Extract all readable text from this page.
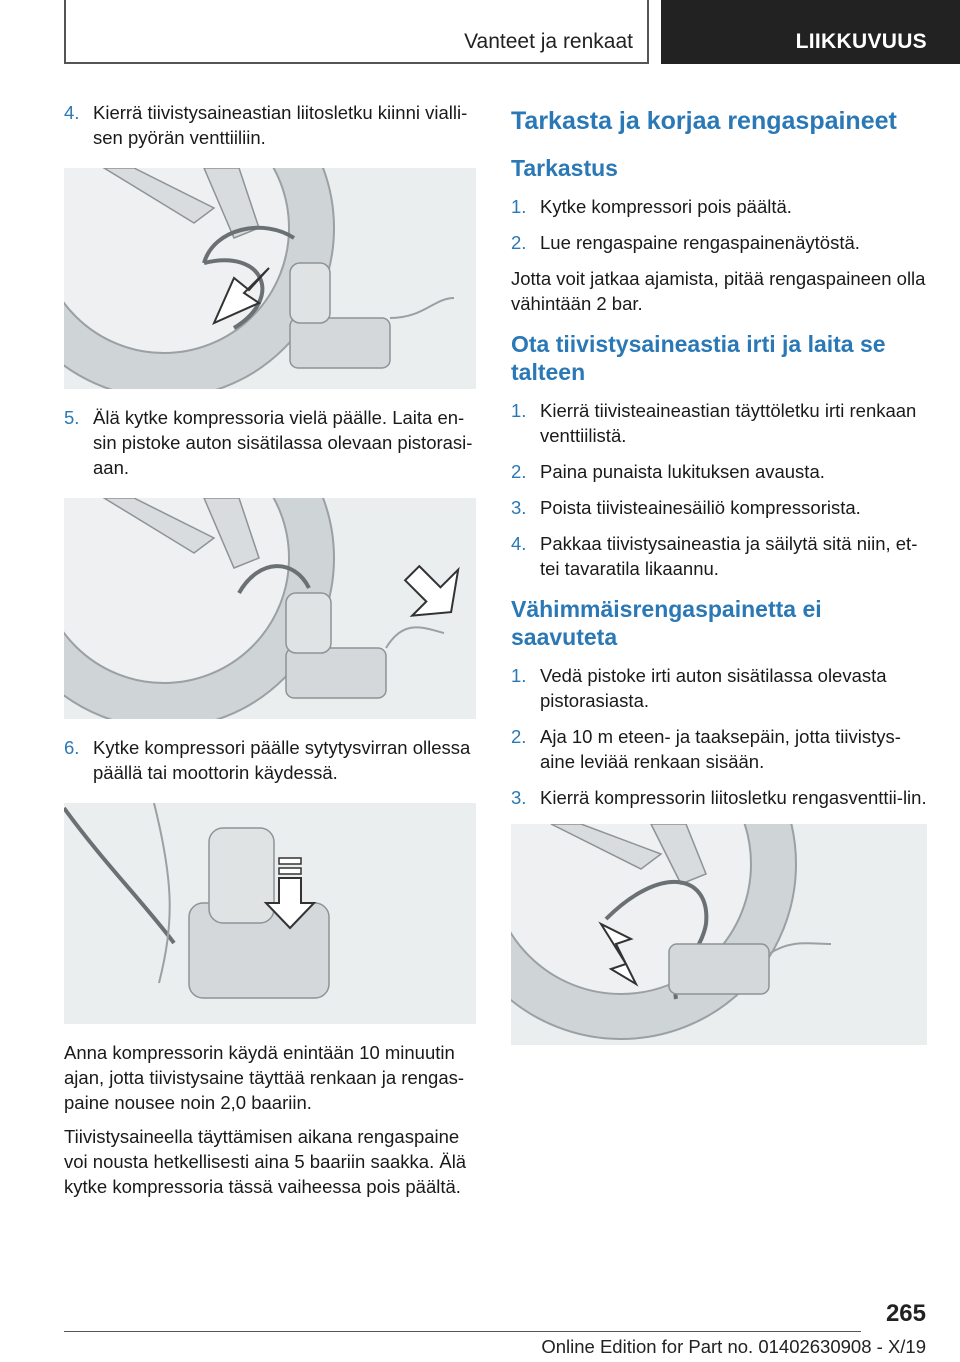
Vanteet ja renkaat	LIIKKUVUUS
4. Kierrä tiivistysaineastian liitosletku kiinni vialli-sen pyörän venttiiliin.
5. Älä kytke kompressoria vielä päälle. Laita en-sin pistoke auton sisätilassa olevaan pistorasi-aan.
6. Kytke kompressori päälle sytytysvirran ollessa päällä tai moottorin käydessä.

Anna kompressorin käydä enintään 10 minuutin ajan, jotta tiivistysaine täyttää renkaan ja rengas-paine nousee noin 2,0 baariin.

Tiivistysaineella täyttämisen aikana rengaspaine voi nousta hetkellisesti aina 5 baariin saakka. Älä kytke kompressoria tässä vaiheessa pois päältä.

Tarkasta ja korjaa rengaspaineet
Tarkastus
1. Kytke kompressori pois päältä.
2. Lue rengaspaine rengaspainenäytöstä.

Jotta voit jatkaa ajamista, pitää rengaspaineen olla vähintään 2 bar.

Ota tiivistysaineastia irti ja laita se talteen
1. Kierrä tiivisteaineastian täyttöletku irti renkaan venttiilistä.
2. Paina punaista lukituksen avausta.
3. Poista tiivisteainesäiliö kompressorista.
4. Pakkaa tiivistysaineastia ja säilytä sitä niin, et-tei tavaratila likaannu.
Vähimmäisrengaspainetta ei saavuteta
1. Vedä pistoke irti auton sisätilassa olevasta pistorasiasta.
2. Aja 10 m eteen- ja taaksepäin, jotta tiivistys-aine leviää renkaan sisään.
3. Kierrä kompressorin liitosletku rengasventtii-lin.
265
Online Edition for Part no. 01402630908 - X/19
